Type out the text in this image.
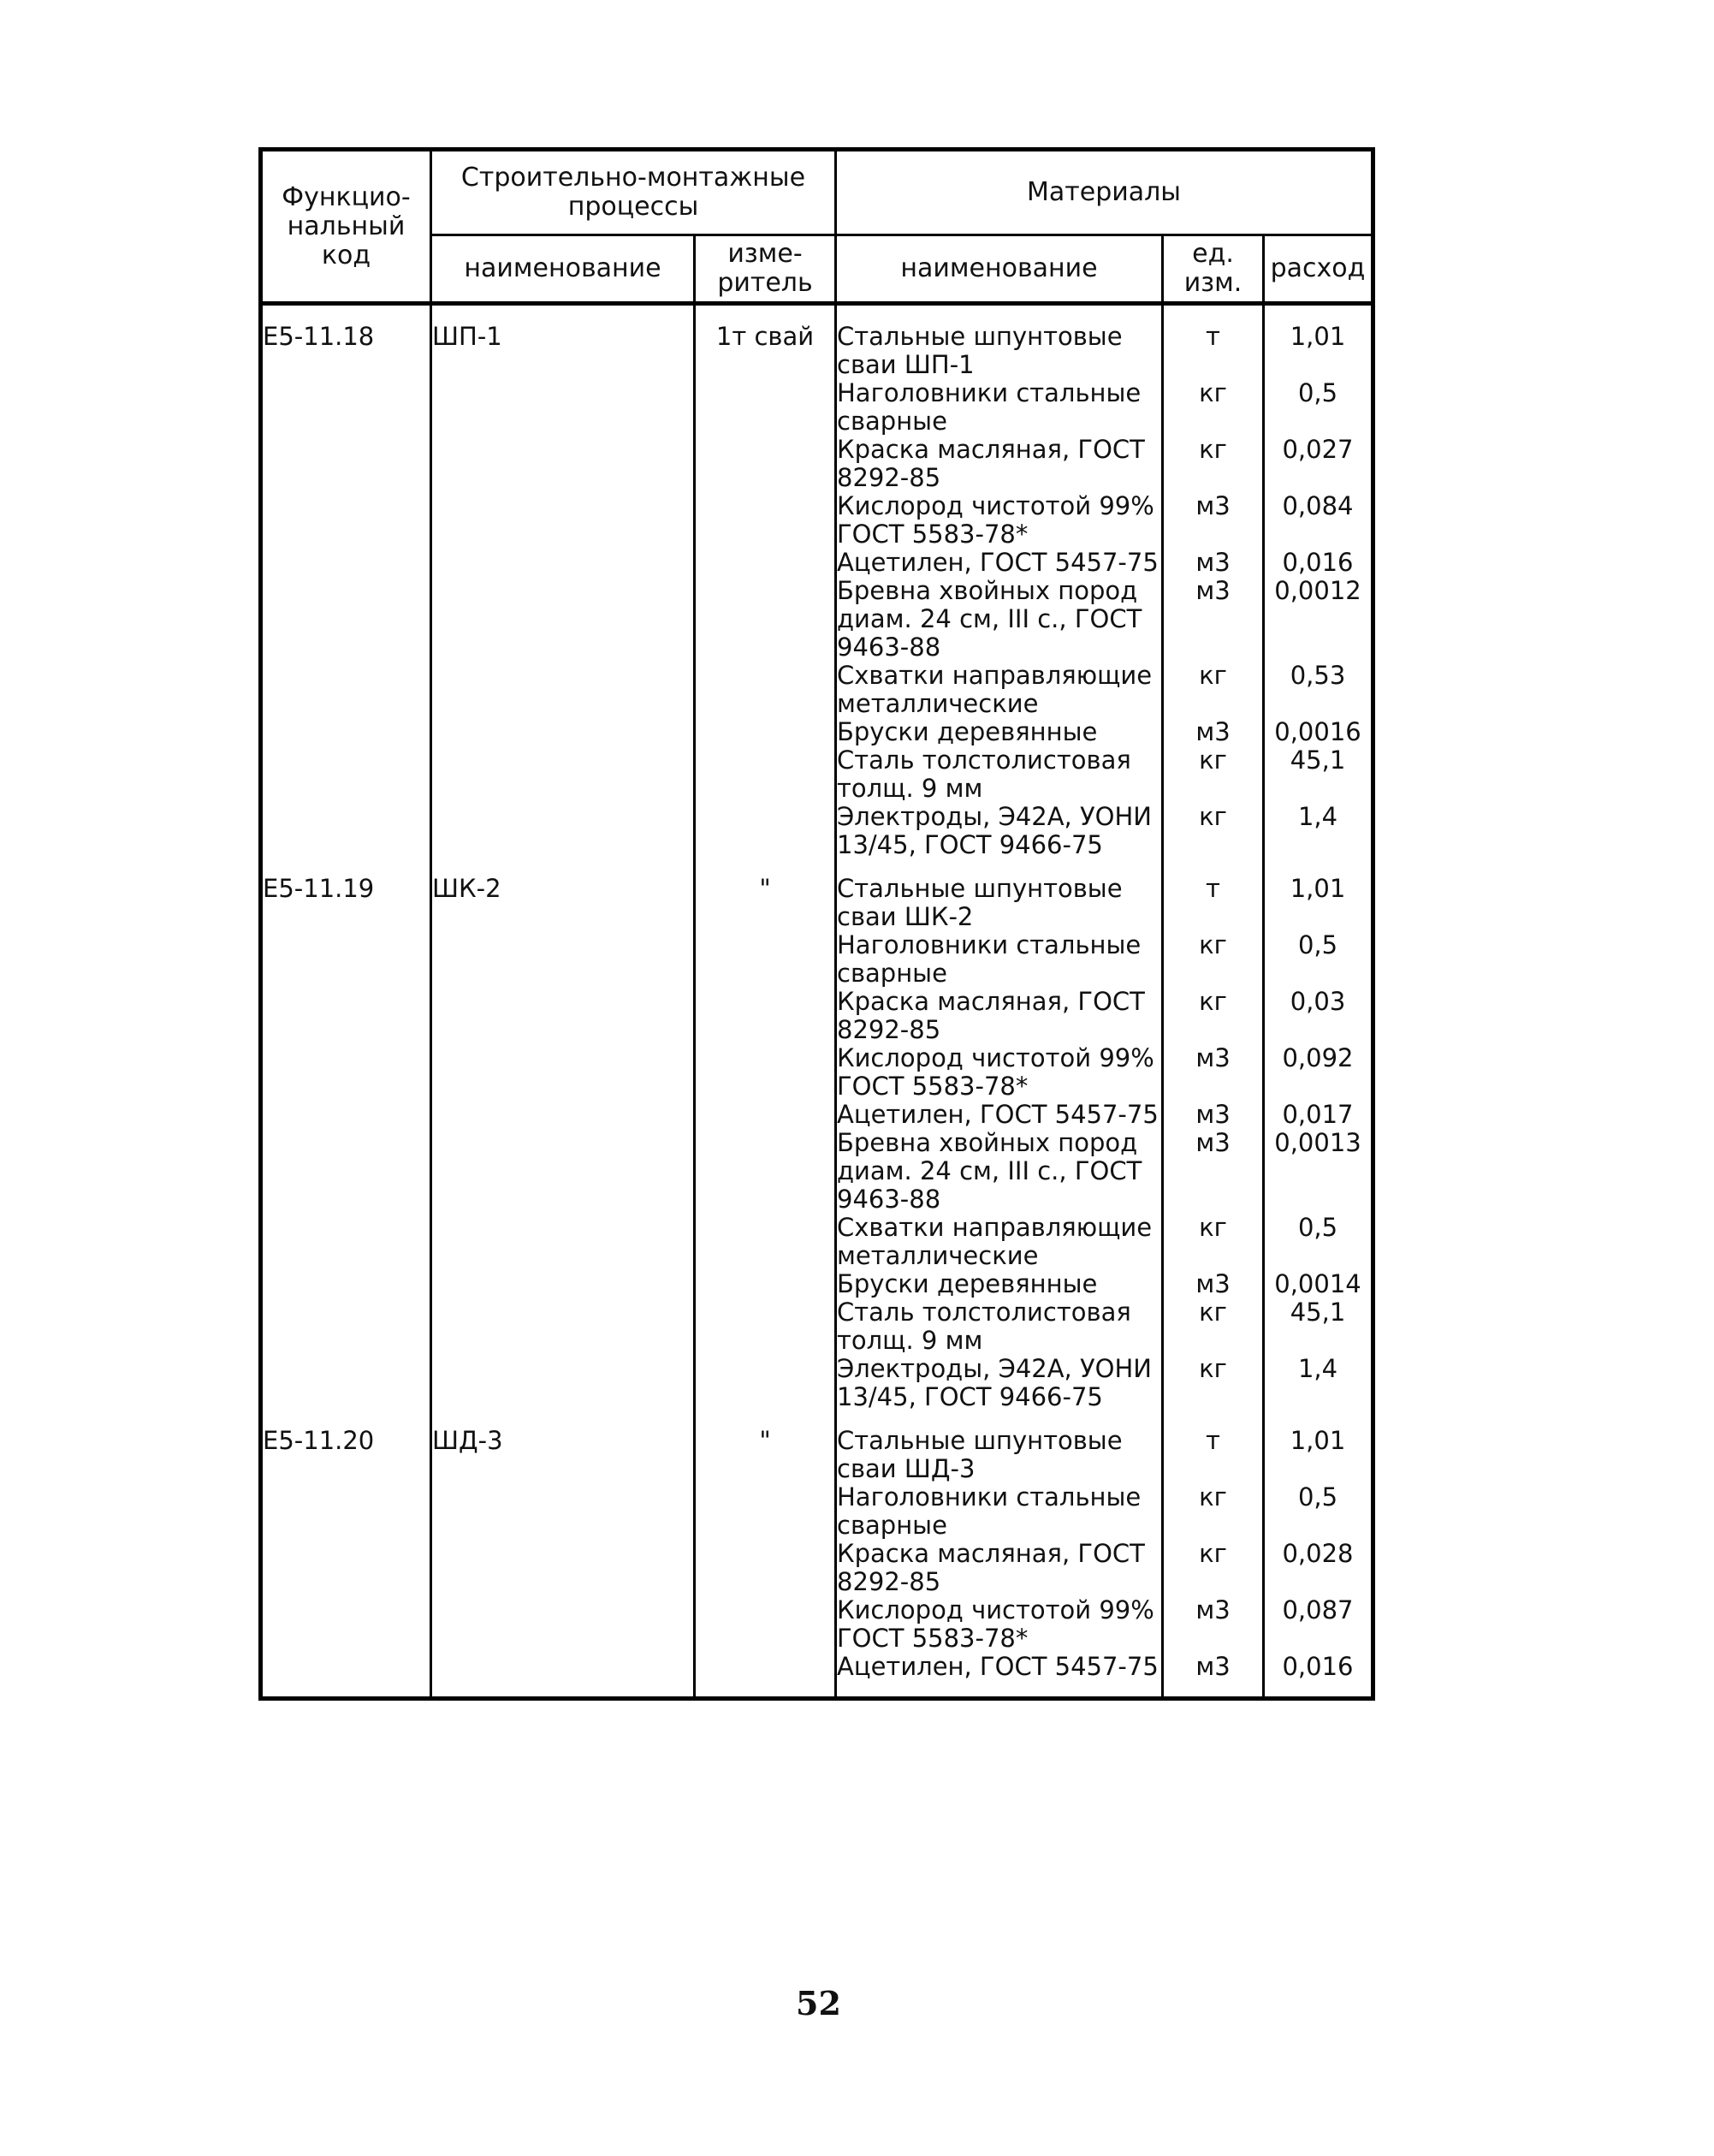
Функцио-нальный код	Строительно-монтажные процессы		Материалы		
	наименование	изме-ритель	наименование	ед. изм.	расход

Е5-11.18	ШП-1	1т свай	Стальные шпунтовые сваи ШП-1	т	1,01
			Наголовники стальные сварные	кг	0,5
			Краска масляная, ГОСТ 8292-85	кг	0,027
			Кислород чистотой 99% ГОСТ 5583-78*	м3	0,084
			Ацетилен, ГОСТ 5457-75	м3	0,016
			Бревна хвойных пород диам. 24 см, III с., ГОСТ 9463-88	м3	0,0012
			Схватки направляющие металлические	кг	0,53
			Бруски деревянные	м3	0,0016
			Сталь толстолистовая толщ. 9 мм	кг	45,1
			Электроды, Э42А, УОНИ 13/45, ГОСТ 9466-75	кг	1,4

Е5-11.19	ШК-2	"	Стальные шпунтовые сваи ШК-2	т	1,01
			Наголовники стальные сварные	кг	0,5
			Краска масляная, ГОСТ 8292-85	кг	0,03
			Кислород чистотой 99% ГОСТ 5583-78*	м3	0,092
			Ацетилен, ГОСТ 5457-75	м3	0,017
			Бревна хвойных пород диам. 24 см, III с., ГОСТ 9463-88	м3	0,0013
			Схватки направляющие металлические	кг	0,5
			Бруски деревянные	м3	0,0014
			Сталь толстолистовая толщ. 9 мм	кг	45,1
			Электроды, Э42А, УОНИ 13/45, ГОСТ 9466-75	кг	1,4

Е5-11.20	ШД-3	"	Стальные шпунтовые сваи ШД-3	т	1,01
			Наголовники стальные сварные	кг	0,5
			Краска масляная, ГОСТ 8292-85	кг	0,028
			Кислород чистотой 99% ГОСТ 5583-78*	м3	0,087
			Ацетилен, ГОСТ 5457-75	м3	0,016

52
